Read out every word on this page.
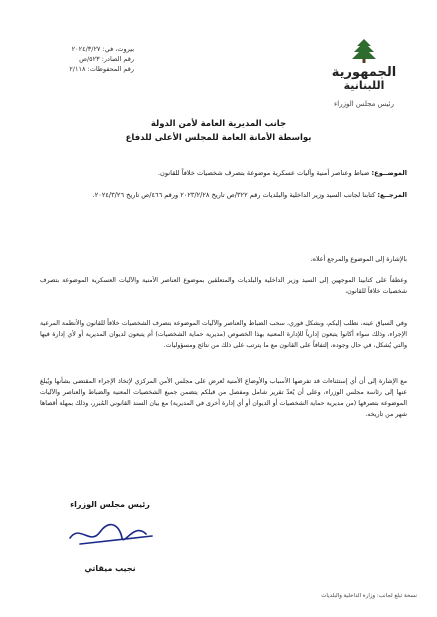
الجمهورية
اللبنانية
رئيس مجلس الوزراء
بيروت، في: ٢٠٢٤/٣/٢٧
رقم الصادر: ٥٢٣/ص
رقم المحفوظات: ٢/١١٨
جانب المديرية العامة لأمن الدولة
بواسطة الأمانة العامة للمجلس الأعلى للدفاع
الموضــوع: ضباط وعناصر أمنية وآليات عسكرية موضوعة بتصرف شخصيات خلافاً للقانون.
المرجــع: كتابنا لجانب السيد وزير الداخلية والبلديات رقم ٣٢٢/ص تاريخ ٢٠٢٣/٢/٢٨ ورقم ٤٦٦/ص تاريخ ٢٠٢٤/٣/٢٦.
بالإشارة إلى الموضوع والمرجع أعلاه،
وعطفاً على كتابينا الموجهين إلى السيد وزير الداخلية والبلديات والمتعلقين بموضوع العناصر الأمنية والآليات العسكرية الموضوعة بتصرف شخصيات خلافاً للقانون،
وفي السياق عينه، نطلب إليكم، وبشكل فوري، سحب الضباط والعناصر والآليات الموضوعة بتصرف الشخصيات خلافاً للقانون والأنظمة المرعية الإجراء، وذلك سواء أكانوا يتبعون إدارياً للإدارة المعنية بهذا الخصوص (مديرية حماية الشخصيات) أم يتبعون لديوان المديرية أو لأي إدارة فيها والتي يُشكل، في حال وجوده، إلتفافاً على القانون مع ما يترتب على ذلك من نتائج ومسؤوليات.
مع الإشارة إلى أن أي إستثناءات قد تفرضها الأسباب والأوضاع الأمنية تُعرض على مجلس الأمن المركزي لإتخاذ الإجراء المقتضى بشأنها ويُبلغ عنها إلى رئاسة مجلس الوزراء، وعلى أن يُعدّ تقرير شامل ومفصل من قبلكم يتضمن جميع الشخصيات المعنية والضباط والعناصر والآليات الموضوعة بتصرفها (من مديرية حماية الشخصيات أو الديوان أو أي إدارة أخرى في المديرية) مع بيان السند القانوني المُبرر، وذلك بمهلة أقصاها شهر من تاريخه.
رئيس مجلس الوزراء
نجيب ميقاتي
نسخة تبلغ لجانب: وزارة الداخلية والبلديات
